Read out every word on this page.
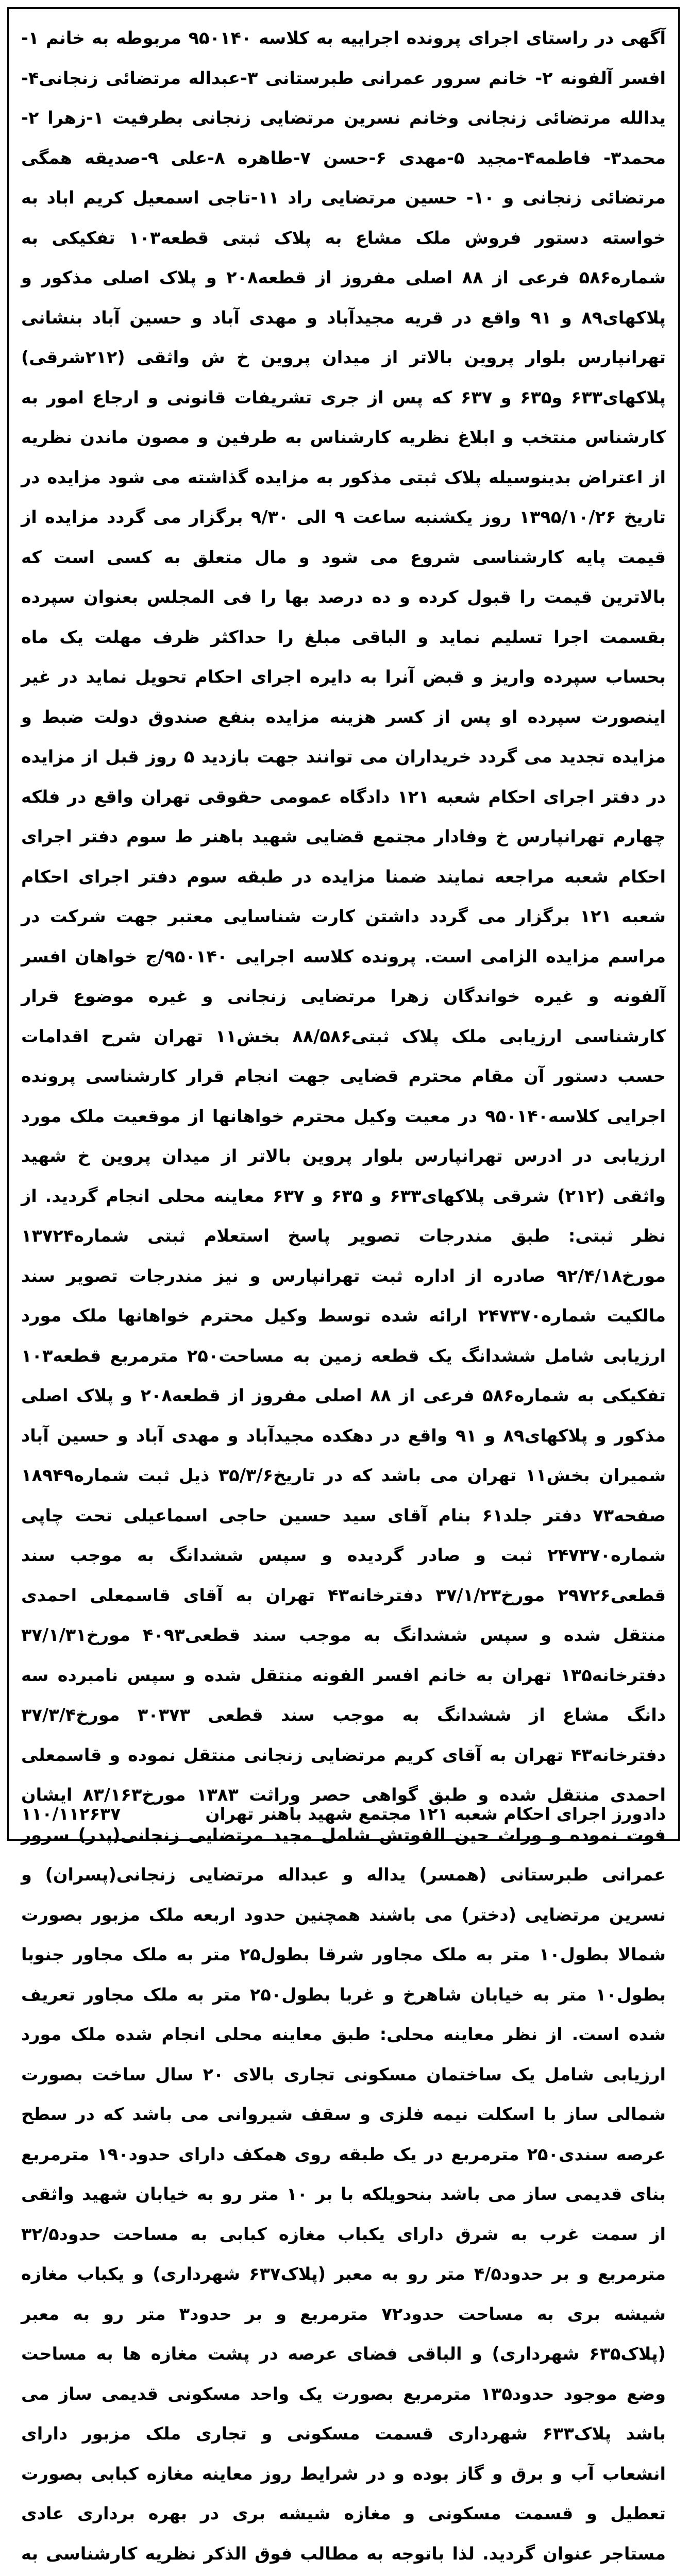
آگهی در راستای اجرای پرونده اجراییه به کلاسه ۹۵۰۱۴۰ مربوطه به خانم ۱-افسر آلفونه ۲- خانم سرور عمرانی طبرستانی ۳-عبداله مرتضائی زنجانی۴-یدالله مرتضائی زنجانی وخانم نسرین مرتضایی زنجانی بطرفیت ۱-زهرا ۲-محمد۳- فاطمه۴-مجید ۵-مهدی ۶-حسن ۷-طاهره ۸-علی ۹-صدیقه همگی مرتضائی زنجانی و ۱۰- حسین مرتضایی راد ۱۱-تاجی اسمعیل کریم اباد به خواسته دستور فروش ملک مشاع به پلاک ثبتی قطعه۱۰۳ تفکیکی به شماره۵۸۶ فرعی از ۸۸ اصلی مفروز از قطعه۲۰۸ و پلاک اصلی مذکور و پلاکهای۸۹ و ۹۱ واقع در قریه مجیدآباد و مهدی آباد و حسین آباد بنشانی تهرانپارس بلوار پروین بالاتر از میدان پروین خ ش واثقی (۲۱۲شرقی) پلاکهای۶۳۳ و۶۳۵ و ۶۳۷ که پس از جری تشریفات قانونی و ارجاع امور به کارشناس منتخب و ابلاغ نظریه کارشناس به طرفین و مصون ماندن نظریه از اعتراض بدینوسیله پلاک ثبتی مذکور به مزایده گذاشته می شود مزایده در تاریخ ۱۳۹۵/۱۰/۲۶ روز یکشنبه ساعت ۹ الی ۹/۳۰ برگزار می گردد مزایده از قیمت پایه کارشناسی شروع می شود و مال متعلق به کسی است که بالاترین قیمت را قبول کرده و ده درصد بها را فی المجلس بعنوان سپرده بقسمت اجرا تسلیم نماید و الباقی مبلغ را حداکثر ظرف مهلت یک ماه بحساب سپرده واریز و قبض آنرا به دایره اجرای احکام تحویل نماید در غیر اینصورت سپرده او پس از کسر هزینه مزایده بنفع صندوق دولت ضبط و مزایده تجدید می گردد خریداران می توانند جهت بازدید ۵ روز قبل از مزایده در دفتر اجرای احکام شعبه ۱۲۱ دادگاه عمومی حقوقی تهران واقع در فلکه چهارم تهرانپارس خ وفادار مجتمع قضایی شهید باهنر ط سوم دفتر اجرای احکام شعبه مراجعه نمایند ضمنا مزایده در طبقه سوم دفتر اجرای احکام شعبه ۱۲۱ برگزار می گردد داشتن کارت شناسایی معتبر جهت شرکت در مراسم مزایده الزامی است. پرونده کلاسه اجرایی ۹۵۰۱۴۰/ج خواهان افسر آلفونه و غیره خواندگان زهرا مرتضایی زنجانی و غیره موضوع قرار کارشناسی ارزیابی ملک پلاک ثبتی۸۸/۵۸۶ بخش۱۱ تهران شرح اقدامات حسب دستور آن مقام محترم قضایی جهت انجام قرار کارشناسی پرونده اجرایی کلاسه۹۵۰۱۴۰ در معیت وکیل محترم خواهانها از موقعیت ملک مورد ارزیابی در ادرس تهرانپارس بلوار پروین بالاتر از میدان پروین خ شهید واثقی (۲۱۲) شرقی پلاکهای۶۳۳ و ۶۳۵ و ۶۳۷ معاینه محلی انجام گردید. از نظر ثبتی: طبق مندرجات تصویر پاسخ استعلام ثبتی شماره۱۳۷۲۴ مورخ۹۲/۴/۱۸ صادره از اداره ثبت تهرانپارس و نیز مندرجات تصویر سند مالکیت شماره۲۴۷۳۷۰ ارائه شده توسط وکیل محترم خواهانها ملک مورد ارزیابی شامل ششدانگ یک قطعه زمین به مساحت۲۵۰ مترمربع قطعه۱۰۳ تفکیکی به شماره۵۸۶ فرعی از ۸۸ اصلی مفروز از قطعه۲۰۸ و پلاک اصلی مذکور و پلاکهای۸۹ و ۹۱ واقع در دهکده مجیدآباد و مهدی آباد و حسین آباد شمیران بخش۱۱ تهران می باشد که در تاریخ۳۵/۳/۶ ذیل ثبت شماره۱۸۹۴۹ صفحه۷۳ دفتر جلد۶۱ بنام آقای سید حسین حاجی اسماعیلی تحت چاپی شماره۲۴۷۳۷۰ ثبت و صادر گردیده و سپس ششدانگ به موجب سند قطعی۲۹۷۲۶ مورخ۳۷/۱/۲۳ دفترخانه۴۳ تهران به آقای قاسمعلی احمدی منتقل شده و سپس ششدانگ به موجب سند قطعی۴۰۹۳ مورخ۳۷/۱/۳۱ دفترخانه۱۳۵ تهران به خانم افسر الفونه منتقل شده و سپس نامبرده سه دانگ مشاع از ششدانگ به موجب سند قطعی ۳۰۳۷۳ مورخ۳۷/۳/۴ دفترخانه۴۳ تهران به آقای کریم مرتضایی زنجانی منتقل نموده و قاسمعلی احمدی منتقل شده و طبق گواهی حصر وراثت ۱۳۸۳ مورخ۸۳/۱۶۳ ایشان فوت نموده و وراث حین الفوتش شامل مجید مرتضایی زنجانی(پدر) سرور عمرانی طبرستانی (همسر) یداله و عبداله مرتضایی زنجانی(پسران) و نسرین مرتضایی (دختر) می باشند همچنین حدود اربعه ملک مزبور بصورت شمالا بطول۱۰ متر به ملک مجاور شرقا بطول۲۵ متر به ملک مجاور جنوبا بطول۱۰ متر به خیابان شاهرخ و غربا بطول۲۵۰ متر به ملک مجاور تعریف شده است. از نظر معاینه محلی: طبق معاینه محلی انجام شده ملک مورد ارزیابی شامل یک ساختمان مسکونی تجاری بالای ۲۰ سال ساخت بصورت شمالی ساز با اسکلت نیمه فلزی و سقف شیروانی می باشد که در سطح عرصه سندی۲۵۰ مترمربع در یک طبقه روی همکف دارای حدود۱۹۰ مترمربع بنای قدیمی ساز می باشد بنحویلکه با بر ۱۰ متر رو به خیابان شهید واثقی از سمت غرب به شرق دارای یکباب مغازه کبابی به مساحت حدود۳۲/۵ مترمربع و بر حدود۴/۵ متر رو به معبر (پلاک۶۳۷ شهرداری) و یکباب مغازه شیشه بری به مساحت حدود۷۲ مترمربع و بر حدود۳ متر رو به معبر (پلاک۶۳۵ شهرداری) و الباقی فضای عرصه در پشت مغازه ها به مساحت وضع موجود حدود۱۳۵ مترمربع بصورت یک واحد مسکونی قدیمی ساز می باشد پلاک۶۳۳ شهرداری قسمت مسکونی و تجاری ملک مزبور دارای انشعاب آب و برق و گاز بوده و در شرایط روز معاینه مغازه کبابی بصورت تعطیل و قسمت مسکونی و مغازه شیشه بری در بهره برداری عادی مستاجر عنوان گردید. لذا باتوجه به مطالب فوق الذکر نظریه کارشناسی به

دادورز اجرای احکام شعبه ۱۲۱ مجتمع شهید باهنر تهران
۱۱۰/۱۱۲۶۳۷
